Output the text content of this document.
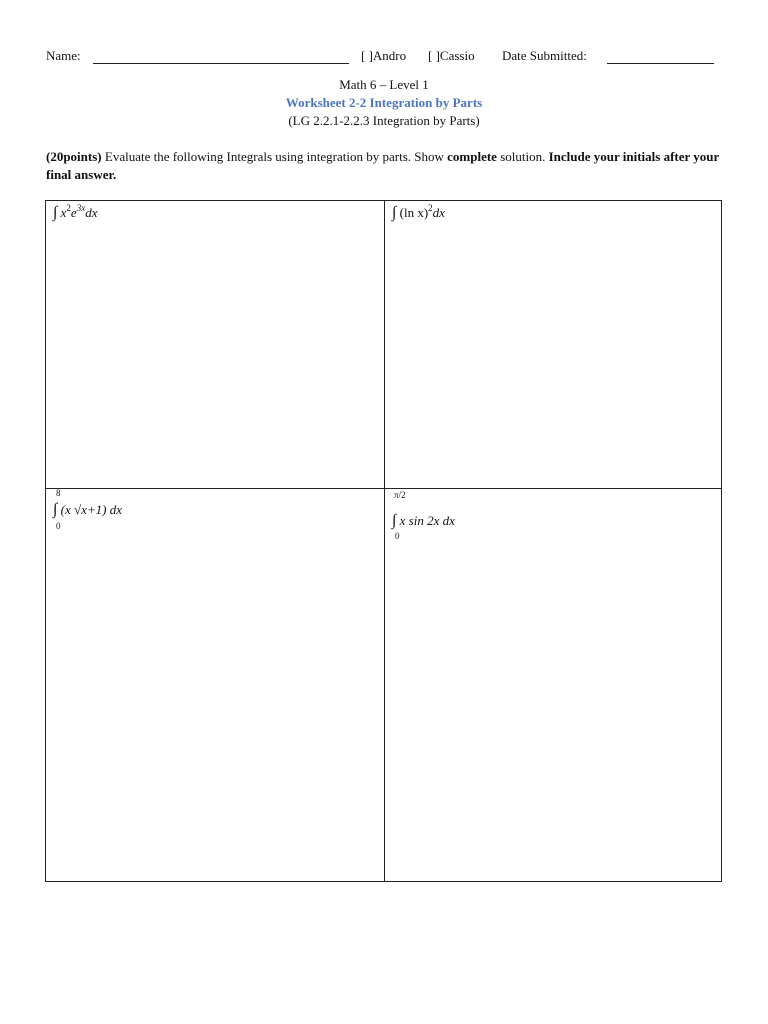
Name:	[ ]Andro [ ]Cassio Date Submitted:
Math 6 – Level 1
Worksheet 2-2 Integration by Parts
(LG 2.2.1-2.2.3 Integration by Parts)
(20points) Evaluate the following Integrals using integration by parts. Show complete solution. Include your initials after your final answer.
∫ $x^2e^{3x}dx$	∫ (ln x)$^2$dx
8
∫ (x √x+1) dx
0
π/2
∫ x sin 2x dx
0
